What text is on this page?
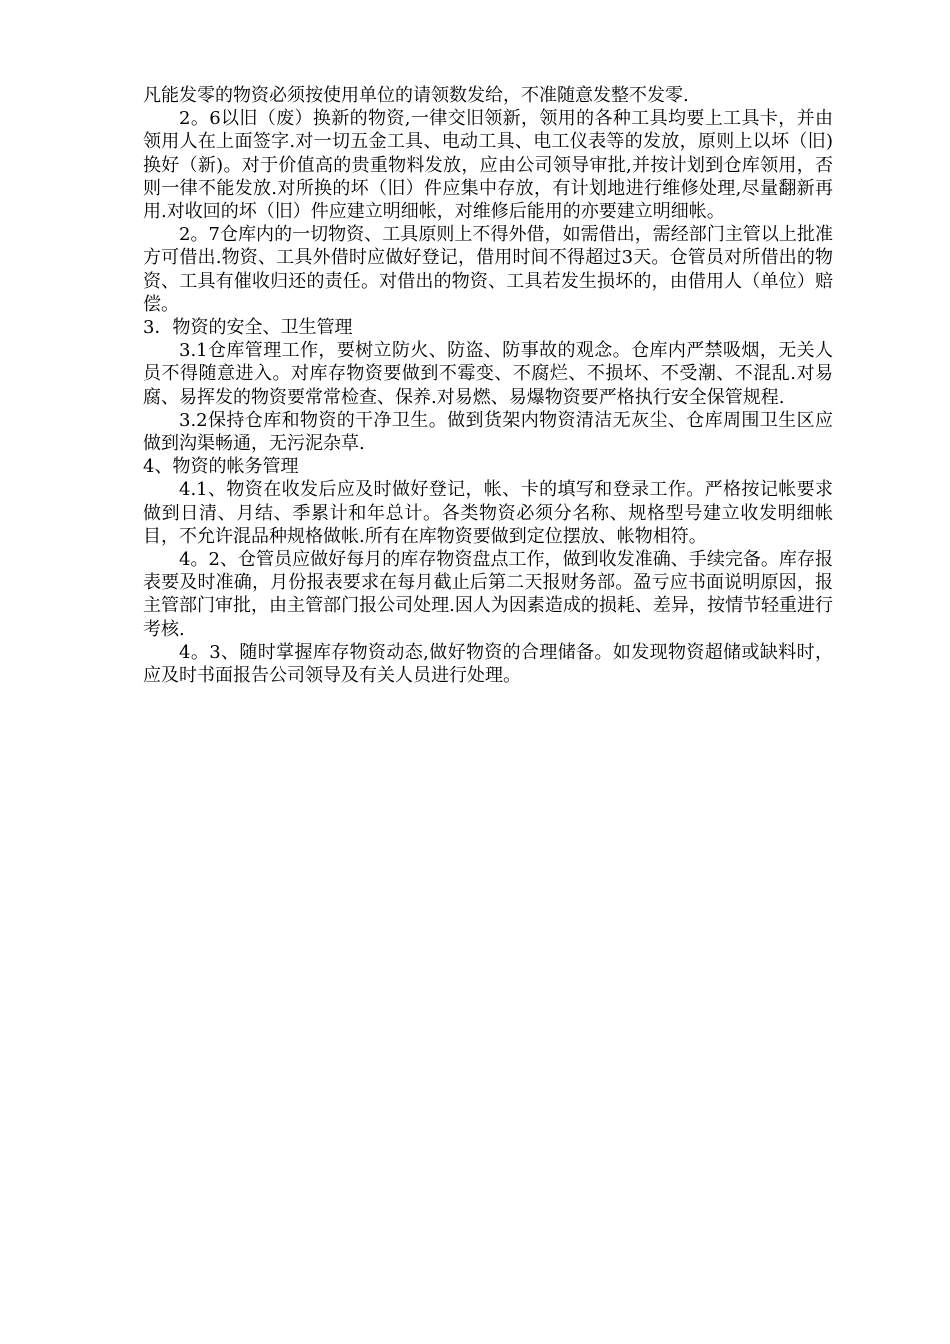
凡能发零的物资必须按使用单位的请领数发给，不准随意发整不发零.

2。6以旧（废）换新的物资,一律交旧领新，领用的各种工具均要上工具卡，并由领用人在上面签字.对一切五金工具、电动工具、电工仪表等的发放，原则上以坏（旧)换好（新)。对于价值高的贵重物料发放，应由公司领导审批,并按计划到仓库领用，否则一律不能发放.对所换的坏（旧）件应集中存放，有计划地进行维修处理,尽量翻新再用.对收回的坏（旧）件应建立明细帐，对维修后能用的亦要建立明细帐。

2。7仓库内的一切物资、工具原则上不得外借，如需借出，需经部门主管以上批准方可借出.物资、工具外借时应做好登记，借用时间不得超过3天。仓管员对所借出的物资、工具有催收归还的责任。对借出的物资、工具若发生损坏的，由借用人（单位）赔偿。

3．物资的安全、卫生管理

3.1仓库管理工作，要树立防火、防盗、防事故的观念。仓库内严禁吸烟，无关人员不得随意进入。对库存物资要做到不霉变、不腐烂、不损坏、不受潮、不混乱.对易腐、易挥发的物资要常常检查、保养.对易燃、易爆物资要严格执行安全保管规程.

3.2保持仓库和物资的干净卫生。做到货架内物资清洁无灰尘、仓库周围卫生区应做到沟渠畅通，无污泥杂草.

4、物资的帐务管理

4.1、物资在收发后应及时做好登记，帐、卡的填写和登录工作。严格按记帐要求做到日清、月结、季累计和年总计。各类物资必须分名称、规格型号建立收发明细帐目，不允许混品种规格做帐.所有在库物资要做到定位摆放、帐物相符。

4。2、仓管员应做好每月的库存物资盘点工作，做到收发准确、手续完备。库存报表要及时准确，月份报表要求在每月截止后第二天报财务部。盈亏应书面说明原因，报主管部门审批，由主管部门报公司处理.因人为因素造成的损耗、差异，按情节轻重进行考核.

4。3、随时掌握库存物资动态,做好物资的合理储备。如发现物资超储或缺料时，应及时书面报告公司领导及有关人员进行处理。
